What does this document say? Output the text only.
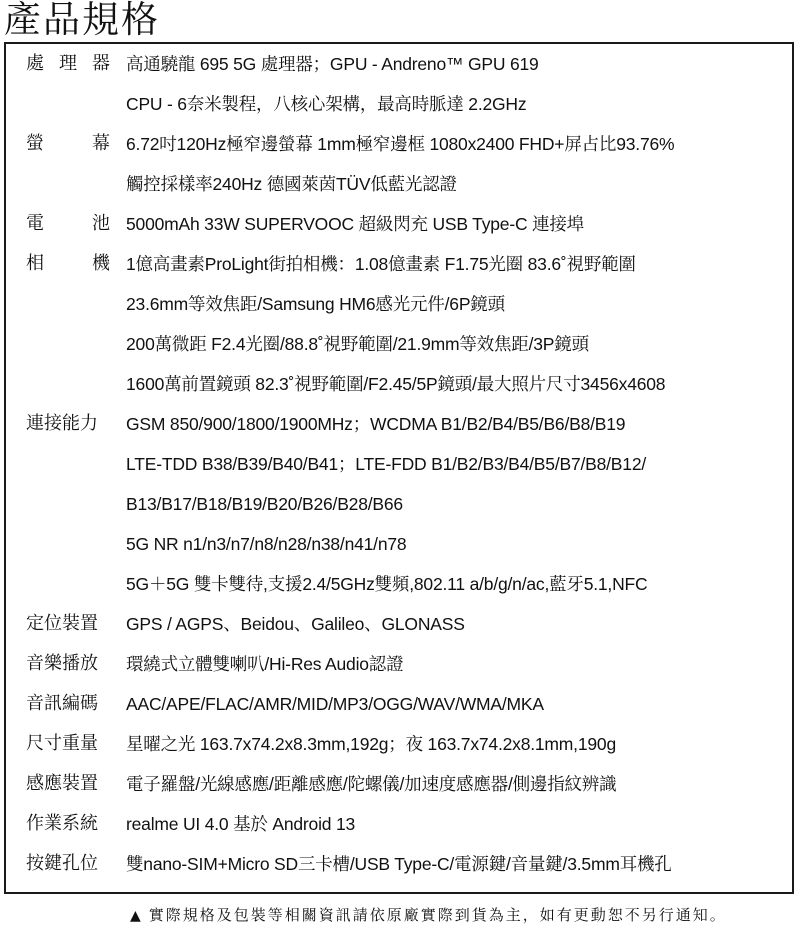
產品規格
處 理 器 高通驍龍 695 5G 處理器；GPU - Andreno™ GPU 619
CPU - 6奈米製程，八核心架構，最高時脈達 2.2GHz
螢	幕 6.72吋120Hz極窄邊螢幕 1mm極窄邊框 1080x2400 FHD+屏占比93.76%
觸控採樣率240Hz 德國萊茵TÜV低藍光認證
電	池 5000mAh 33W SUPERVOOC 超級閃充 USB Type-C 連接埠
相	機 1億高畫素ProLight街拍相機：1.08億畫素 F1.75光圈 83.6˚視野範圍
23.6mm等效焦距/Samsung HM6感光元件/6P鏡頭
200萬微距 F2.4光圈/88.8˚視野範圍/21.9mm等效焦距/3P鏡頭
1600萬前置鏡頭 82.3˚視野範圍/F2.45/5P鏡頭/最大照片尺寸3456x4608
連接能力 GSM 850/900/1800/1900MHz；WCDMA B1/B2/B4/B5/B6/B8/B19
LTE-TDD B38/B39/B40/B41；LTE-FDD B1/B2/B3/B4/B5/B7/B8/B12/
B13/B17/B18/B19/B20/B26/B28/B66
5G NR n1/n3/n7/n8/n28/n38/n41/n78
5G＋5G 雙卡雙待,支援2.4/5GHz雙頻,802.11 a/b/g/n/ac,藍牙5.1,NFC
定位裝置 GPS / AGPS、Beidou、Galileo、GLONASS
音樂播放 環繞式立體雙喇叭/Hi-Res Audio認證
音訊編碼 AAC/APE/FLAC/AMR/MID/MP3/OGG/WAV/WMA/MKA
尺寸重量 星曜之光 163.7x74.2x8.3mm,192g；夜 163.7x74.2x8.1mm,190g
感應裝置 電子羅盤/光線感應/距離感應/陀螺儀/加速度感應器/側邊指紋辨識
作業系統 realme UI 4.0 基於 Android 13
按鍵孔位 雙nano-SIM+Micro SD三卡槽/USB Type-C/電源鍵/音量鍵/3.5mm耳機孔
▲ 實際規格及包裝等相關資訊請依原廠實際到貨為主，如有更動恕不另行通知。
